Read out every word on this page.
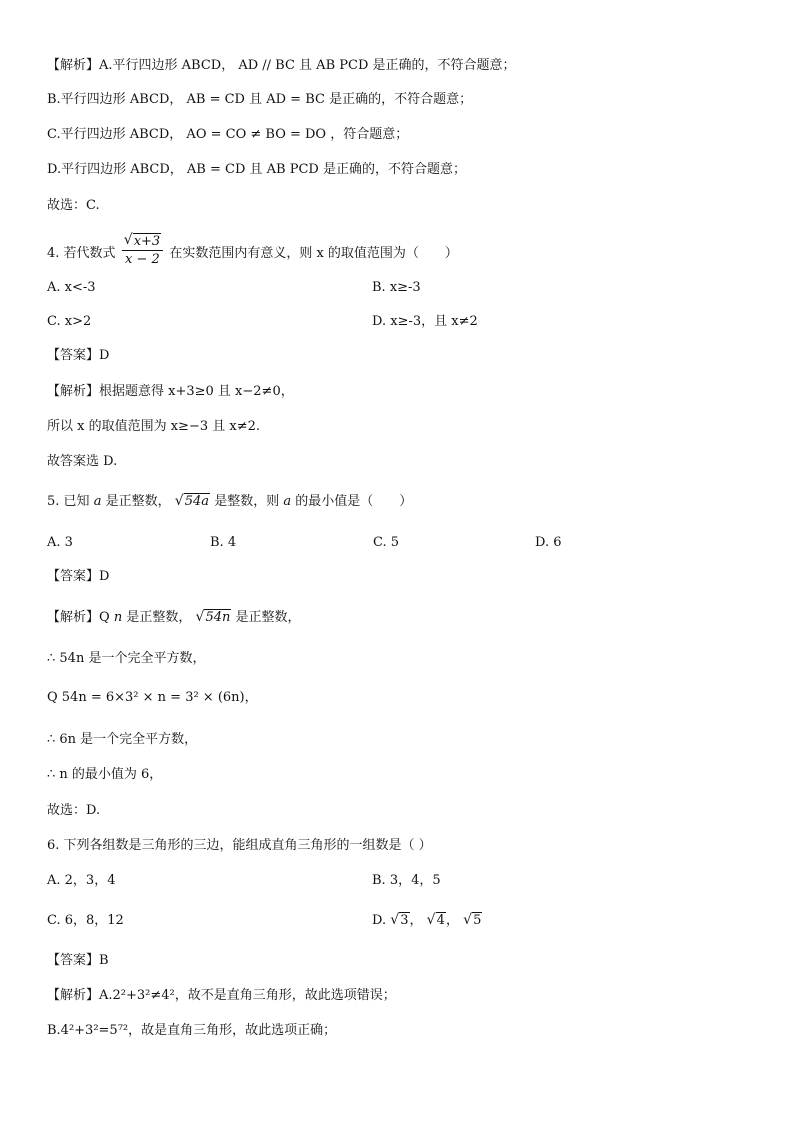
【解析】A.平行四边形 ABCD， AD // BC 且 AB PCD 是正确的，不符合题意；
B.平行四边形 ABCD， AB = CD 且 AD = BC 是正确的，不符合题意；
C.平行四边形 ABCD， AO = CO ≠ BO = DO ，符合题意；
D.平行四边形 ABCD， AB = CD 且 AB PCD 是正确的，不符合题意；
故选：C.
4. 若代数式 $\frac{√ x+3}{x - 2}$ 在实数范围内有意义，则 x 的取值范围为（　　）
A. x<-3	B. x≥-3
C. x>2	D. x≥-3，且 x≠2
【答案】D
【解析】根据题意得 x+3≥0 且 x−2≠0，
所以 x 的取值范围为 x≥−3 且 x≠2.
故答案选 D.
5. 已知 a 是正整数， √ 54a 是整数，则 a 的最小值是（　　）
A. 3	B. 4	C. 5	D. 6
【答案】D
【解析】Q n 是正整数， √ 54n 是正整数，
∴ 54n 是一个完全平方数，
Q 54n = 6×3² × n = 3² × (6n)，
∴ 6n 是一个完全平方数，
∴ n 的最小值为 6，
故选：D.
6. 下列各组数是三角形的三边，能组成直角三角形的一组数是（ ）
A. 2，3，4	B. 3，4，5
C. 6，8，12	D. √ 3， √ 4， √ 5
【答案】B
【解析】A.2²+3²≠4²，故不是直角三角形，故此选项错误；
B.4²+3²=5⁷²，故是直角三角形，故此选项正确；
